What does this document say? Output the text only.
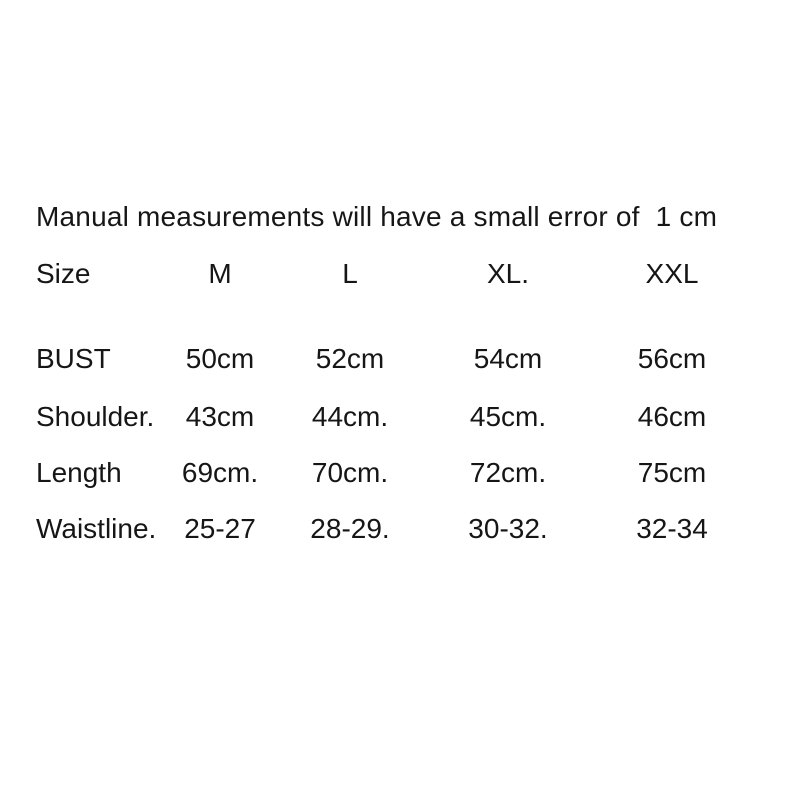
Manual measurements will have a small error of  1 cm
Size	M	L	XL.	XXL
BUST	50cm	52cm	54cm	56cm
Shoulder.	43cm	44cm.	45cm.	46cm
Length	69cm.	70cm.	72cm.	75cm
Waistline. 25-27	28-29.	30-32.	32-34
